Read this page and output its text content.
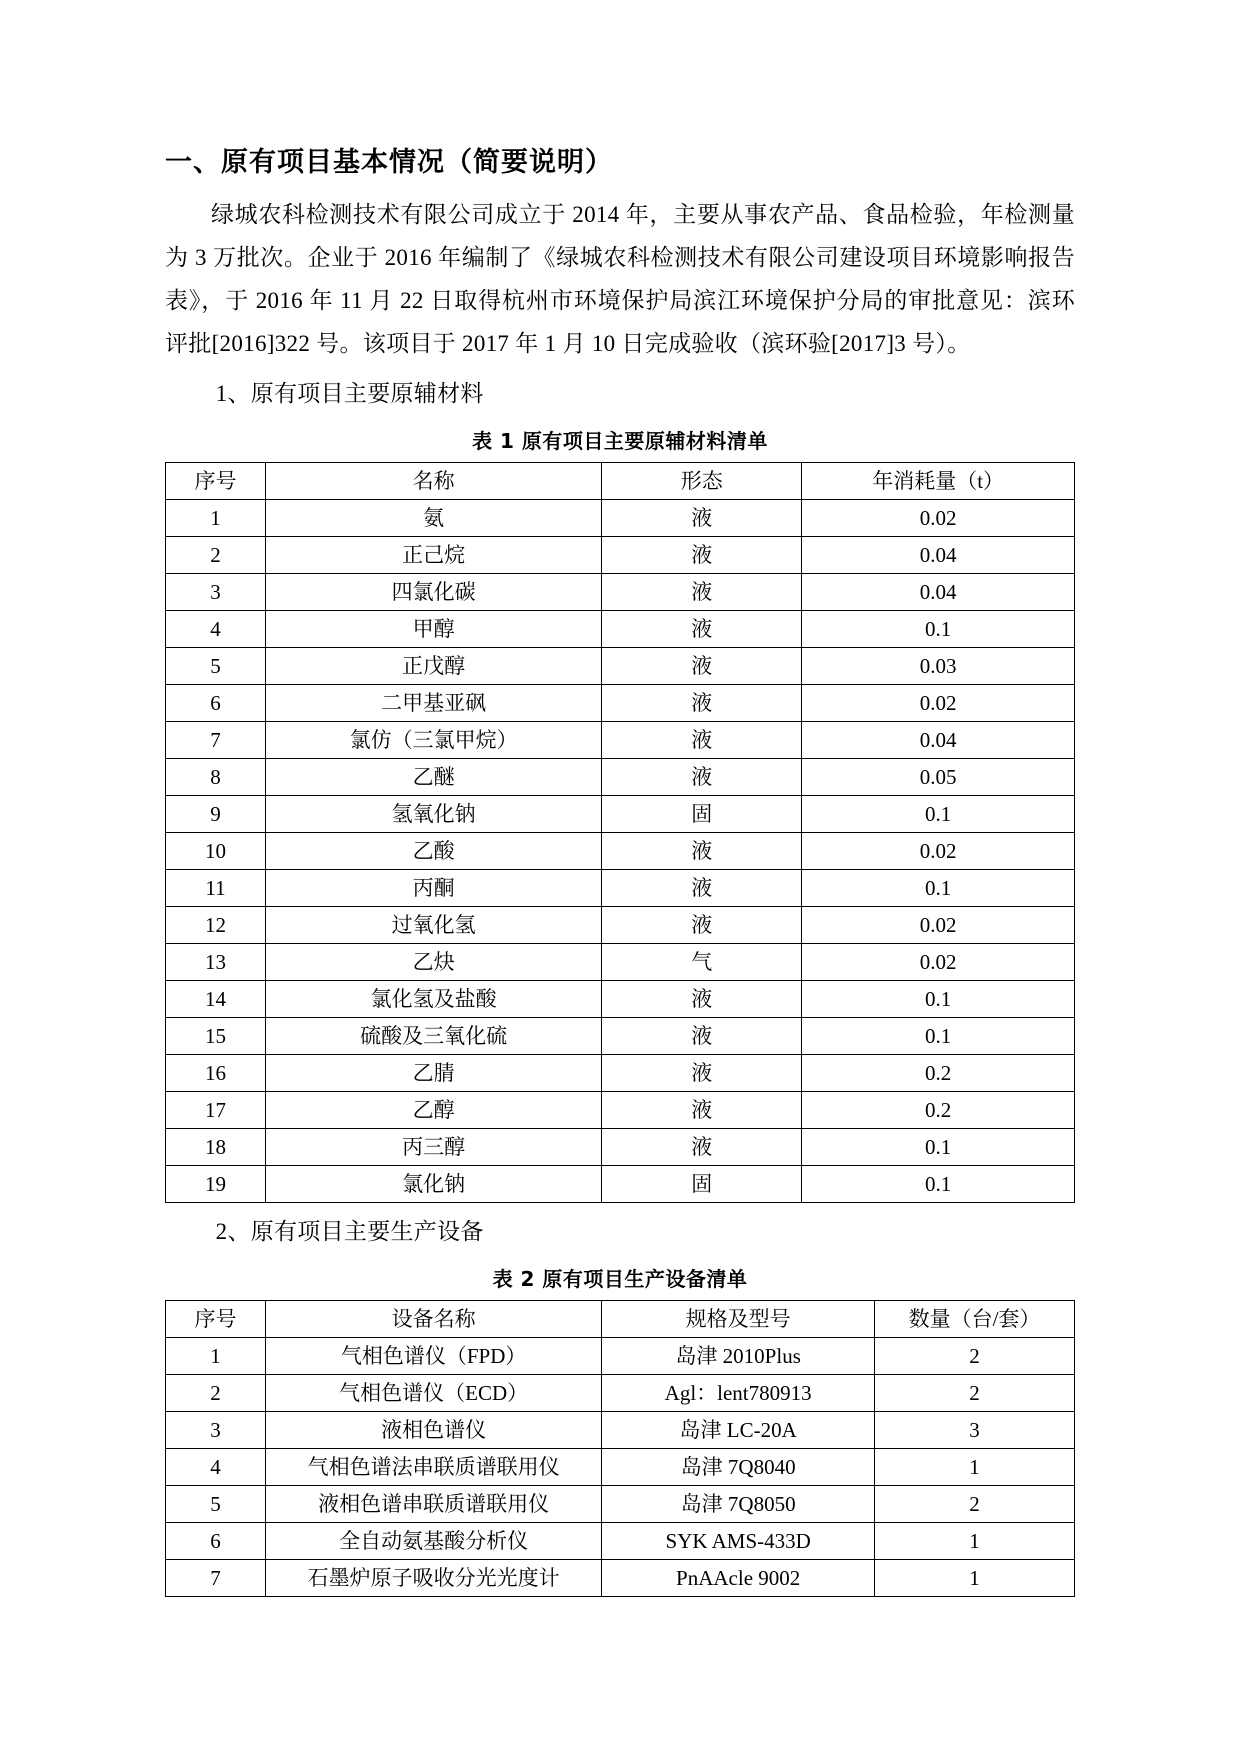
一、原有项目基本情况（简要说明）

绿城农科检测技术有限公司成立于 2014 年，主要从事农产品、食品检验，年检测量为 3 万批次。企业于 2016 年编制了《绿城农科检测技术有限公司建设项目环境影响报告表》，于 2016 年 11 月 22 日取得杭州市环境保护局滨江环境保护分局的审批意见：滨环评批[2016]322 号。该项目于 2017 年 1 月 10 日完成验收（滨环验[2017]3 号）。

1、原有项目主要原辅材料

表 1 原有项目主要原辅材料清单
序号	名称	形态	年消耗量（t）
1	氨	液	0.02
2	正己烷	液	0.04
3	四氯化碳	液	0.04
4	甲醇	液	0.1
5	正戊醇	液	0.03
6	二甲基亚砜	液	0.02
7	氯仿（三氯甲烷）	液	0.04
8	乙醚	液	0.05
9	氢氧化钠	固	0.1
10	乙酸	液	0.02
11	丙酮	液	0.1
12	过氧化氢	液	0.02
13	乙炔	气	0.02
14	氯化氢及盐酸	液	0.1
15	硫酸及三氧化硫	液	0.1
16	乙腈	液	0.2
17	乙醇	液	0.2
18	丙三醇	液	0.1
19	氯化钠	固	0.1

2、原有项目主要生产设备

表 2 原有项目生产设备清单
序号	设备名称	规格及型号	数量（台/套）
1	气相色谱仪（FPD）	岛津 2010Plus	2
2	气相色谱仪（ECD）	Agl：lent780913	2
3	液相色谱仪	岛津 LC-20A	3
4	气相色谱法串联质谱联用仪	岛津 7Q8040	1
5	液相色谱串联质谱联用仪	岛津 7Q8050	2
6	全自动氨基酸分析仪	SYK AMS-433D	1
7	石墨炉原子吸收分光光度计	PnAAcle 9002	1
